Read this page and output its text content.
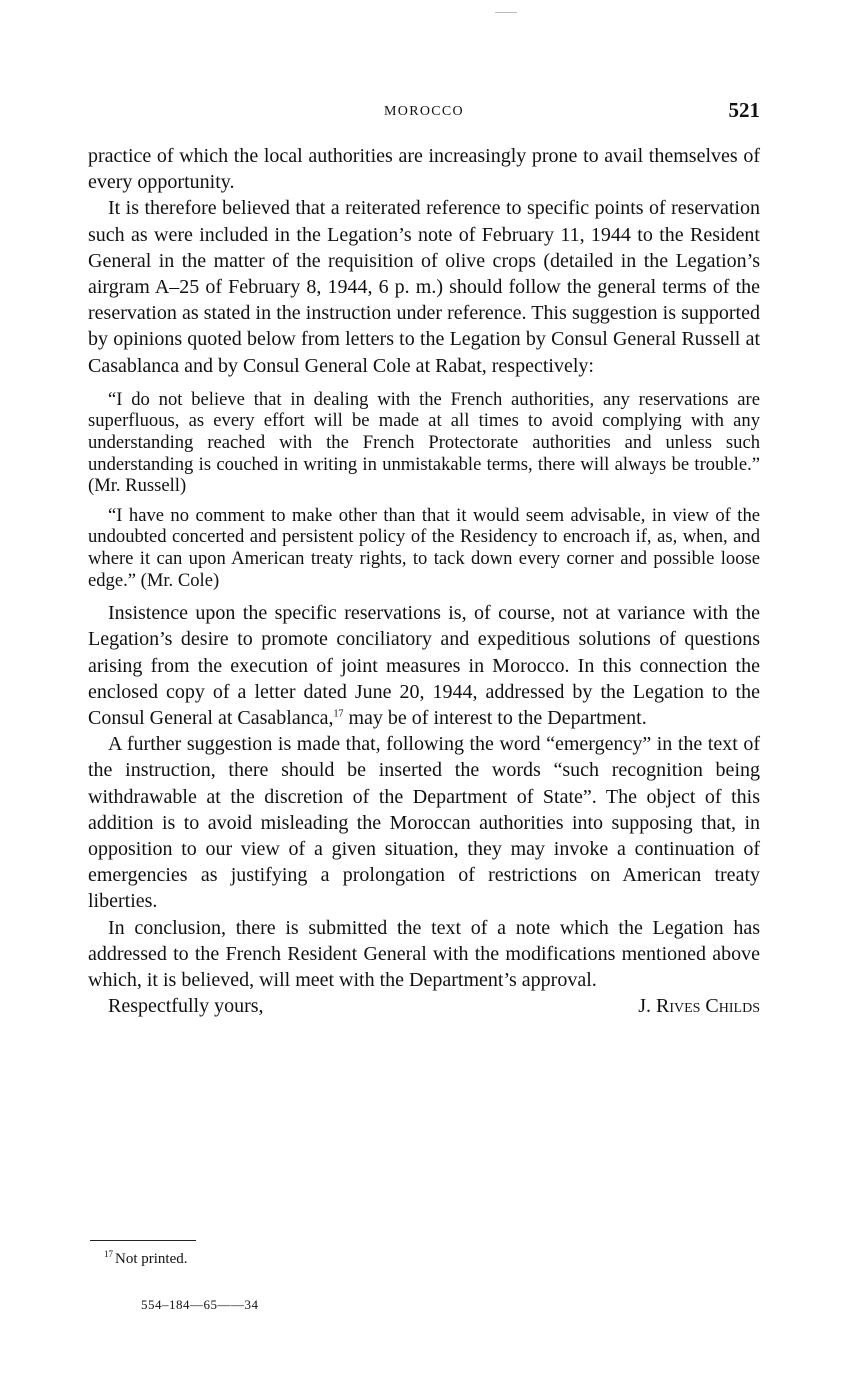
MOROCCO	521

practice of which the local authorities are increasingly prone to avail themselves of every opportunity.

It is therefore believed that a reiterated reference to specific points of reservation such as were included in the Legation’s note of February 11, 1944 to the Resident General in the matter of the requisition of olive crops (detailed in the Legation’s airgram A–25 of February 8, 1944, 6 p. m.) should follow the general terms of the reservation as stated in the instruction under reference. This suggestion is supported by opinions quoted below from letters to the Legation by Consul General Russell at Casablanca and by Consul General Cole at Rabat, respectively:

“I do not believe that in dealing with the French authorities, any reservations are superfluous, as every effort will be made at all times to avoid complying with any understanding reached with the French Protectorate authorities and unless such understanding is couched in writing in unmistakable terms, there will always be trouble.” (Mr. Russell)

“I have no comment to make other than that it would seem advisable, in view of the undoubted concerted and persistent policy of the Residency to encroach if, as, when, and where it can upon American treaty rights, to tack down every corner and possible loose edge.” (Mr. Cole)

Insistence upon the specific reservations is, of course, not at variance with the Legation’s desire to promote conciliatory and expeditious solutions of questions arising from the execution of joint measures in Morocco. In this connection the enclosed copy of a letter dated June 20, 1944, addressed by the Legation to the Consul General at Casablanca,$^{17}$ may be of interest to the Department.

A further suggestion is made that, following the word “emergency” in the text of the instruction, there should be inserted the words “such recognition being withdrawable at the discretion of the Department of State”. The object of this addition is to avoid misleading the Moroccan authorities into supposing that, in opposition to our view of a given situation, they may invoke a continuation of emergencies as justifying a prolongation of restrictions on American treaty liberties.

In conclusion, there is submitted the text of a note which the Legation has addressed to the French Resident General with the modifications mentioned above which, it is believed, will meet with the Department’s approval.

Respectfully yours,	J. Rives Childs
$^{17}$ Not printed.
554–184—65——34
